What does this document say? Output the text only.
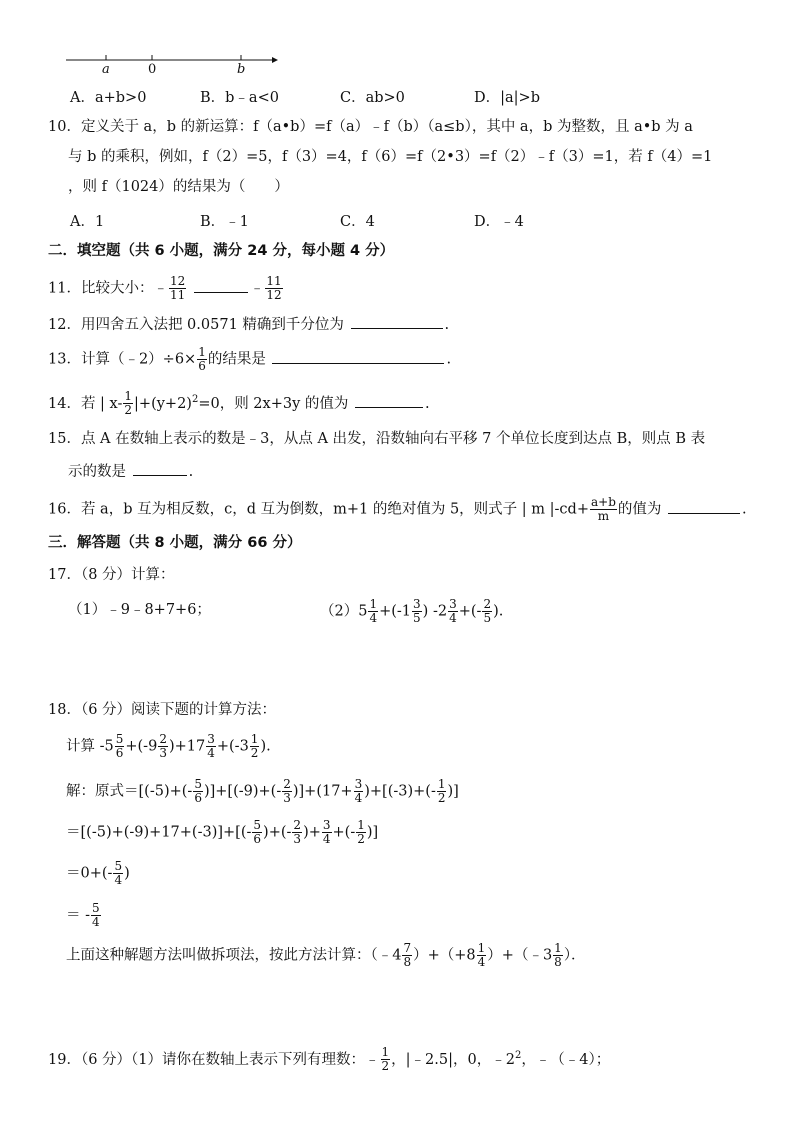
a	0	b
A．a+b>0	B．b﹣a<0	C．ab>0	D．|a|>b
10．定义关于 a，b 的新运算：f（a•b）=f（a）﹣f（b）（a≤b），其中 a，b 为整数，且 a•b 为 a
与 b 的乘积，例如，f（2）=5，f（3）=4，f（6）=f（2•3）=f（2）﹣f（3）=1，若 f（4）=1
，则 f（1024）的结果为（　　）
A．1	B．﹣1	C．4	D．﹣4
二．填空题（共 6 小题，满分 24 分，每小题 4 分）
11．比较大小：﹣ $\frac{12}{11}$	﹣ $\frac{11}{12}$
12．用四舍五入法把 0.0571 精确到千分位为	.
13．计算（﹣2）÷6× $\frac{1}{6}$ 的结果是	.
14．若 | $x- \frac{1}{2} |+(y+2)^2=0$，则 2x+3y 的值为	.
15．点 A 在数轴上表示的数是﹣3，从点 A 出发，沿数轴向右平移 7 个单位长度到达点 B，则点 B 表
示的数是	.
16．若 a，b 互为相反数，c，d 互为倒数，m+1 的绝对值为 5，则式子 | m $|-cd+ \frac{a+b}{m}$ 的值为	.
三．解答题（共 8 小题，满分 66 分）
17．（8 分）计算：
（1）﹣9﹣8+7+6；	$(2)5 \frac{1}{4} +(-1 \frac{3}{5}$ ) $-2 \frac{3}{4}$ +(- $\frac{2}{5}$ ).
18．（6 分）阅读下题的计算方法：
计算 $-5 \frac{5}{6} +(-9 \frac{2}{3} )+17 \frac{3}{4} +(-3 \frac{1}{2}$ ).
解：原式$=[(-5)+(- \frac{5}{6} )]+[(-9)+(- \frac{2}{3} )]+(17+ \frac{3}{4} )+[(-3)+(- \frac{1}{2}$ )]
$=[(-5)+(-9)+17+(-3)]+[(- \frac{5}{6}$ )+(- $\frac{2}{3}$ )+ $\frac{3}{4}$ +(- $\frac{1}{2}$ )]
$=0+(- \frac{5}{4}$ )
＝ - $\frac{5}{4}$
上面这种解题方法叫做拆项法，按此方法计算：（﹣4 $\frac{7}{8} )+(+8 \frac{1}{4}$ ）+（﹣3 $\frac{1}{8}$ ）．
19．（6 分）（1）请你在数轴上表示下列有理数：﹣ $\frac{1}{2}$ ，|﹣2.5|，0，$﹣2^2$，﹣（﹣4）；
